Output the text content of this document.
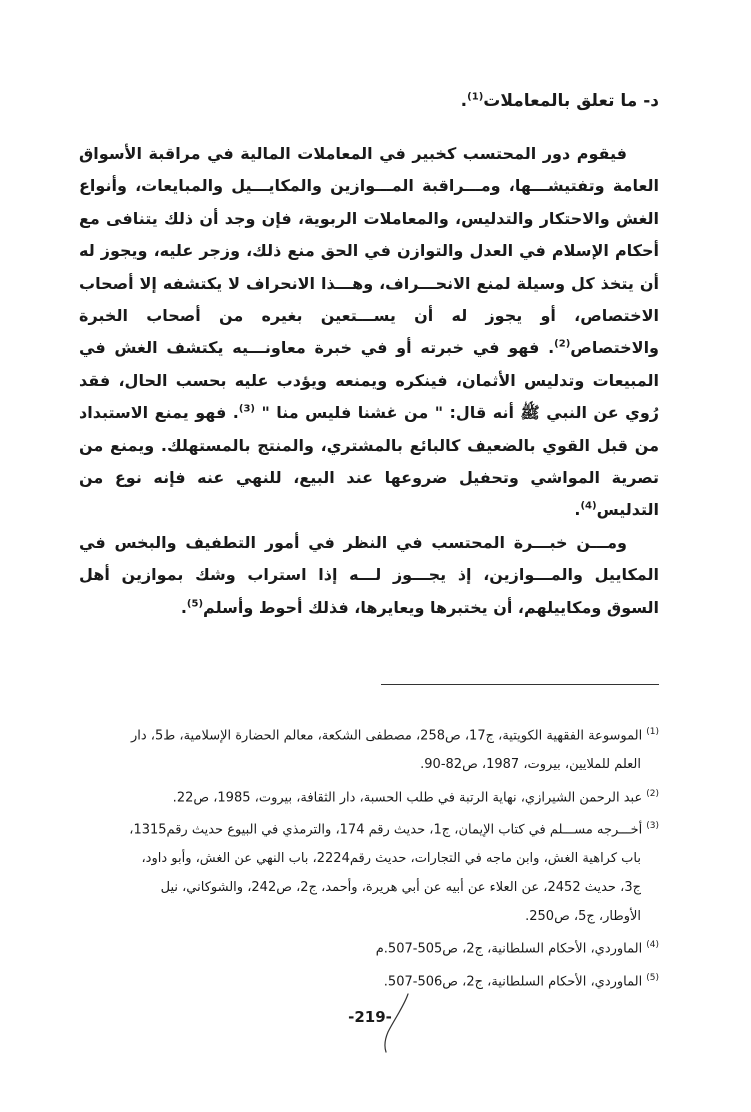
د- ما تعلق بالمعاملات$^{(1)}$.

فيقوم دور المحتسب كخبير في المعاملات المالية في مراقبة الأسواق العامة وتفتيشـــها، ومـــراقبة المـــوازين والمكايـــيل والمبايعات، وأنواع الغش والاحتكار والتدليس، والمعاملات الربوية، فإن وجد أن ذلك يتنافى مع أحكام الإسلام في العدل والتوازن في الحق منع ذلك، وزجر عليه، ويجوز له أن يتخذ كل وسيلة لمنع الانحـــراف، وهـــذا الانحراف لا يكتشفه إلا أصحاب الاختصاص، أو يجوز له أن يســـتعين بغيره من أصحاب الخبرة والاختصاص$^{(2)}$. فهو في خبرته أو في خبرة معاونـــيه يكتشف الغش في المبيعات وتدليس الأثمان، فينكره ويمنعه ويؤدب عليه بحسب الحال، فقد رُوي عن النبي ﷺ أنه قال: " من غشنا فليس منا " $^{(3)}$. فهو يمنع الاستبداد من قبل القوي بالضعيف كالبائع بالمشتري، والمنتج بالمستهلك. ويمنع من تصرية المواشي وتحفيل ضروعها عند البيع، للنهي عنه فإنه نوع من التدليس$^{(4)}$.

ومـــن خبـــرة المحتسب في النظر في أمور التطفيف والبخس في المكاييل والمـــوازين، إذ يجـــوز لـــه إذا استراب وشك بموازين أهل السوق ومكاييلهم، أن يختبرها ويعايرها، فذلك أحوط وأسلم$^{(5)}$.

$^{(1)}$الموسوعة الفقهية الكويتية، ج17، ص258، مصطفى الشكعة، معالم الحضارة الإسلامية، ط5، دار
العلم للملايين، بيروت، 1987، ص82-90.
$^{(2)}$عبد الرحمن الشيرازي، نهاية الرتبة في طلب الحسبة، دار الثقافة، بيروت، 1985، ص22.
$^{(3)}$أخـــرجه مســـلم في كتاب الإيمان، ج1، حديث رقم 174، والترمذي في البيوع حديث رقم1315،
باب كراهية الغش، وابن ماجه في التجارات، حديث رقم2224، باب النهي عن الغش، وأبو داود،
ج3، حديث 2452، عن العلاء عن أبيه عن أبي هريرة، وأحمد، ج2، ص242، والشوكاني، نيل
الأوطار، ج5، ص250.
$^{(4)}$الماوردي، الأحكام السلطانية، ج2، ص505-507.م
$^{(5)}$الماوردي، الأحكام السلطانية، ج2، ص506-507.
-219-
